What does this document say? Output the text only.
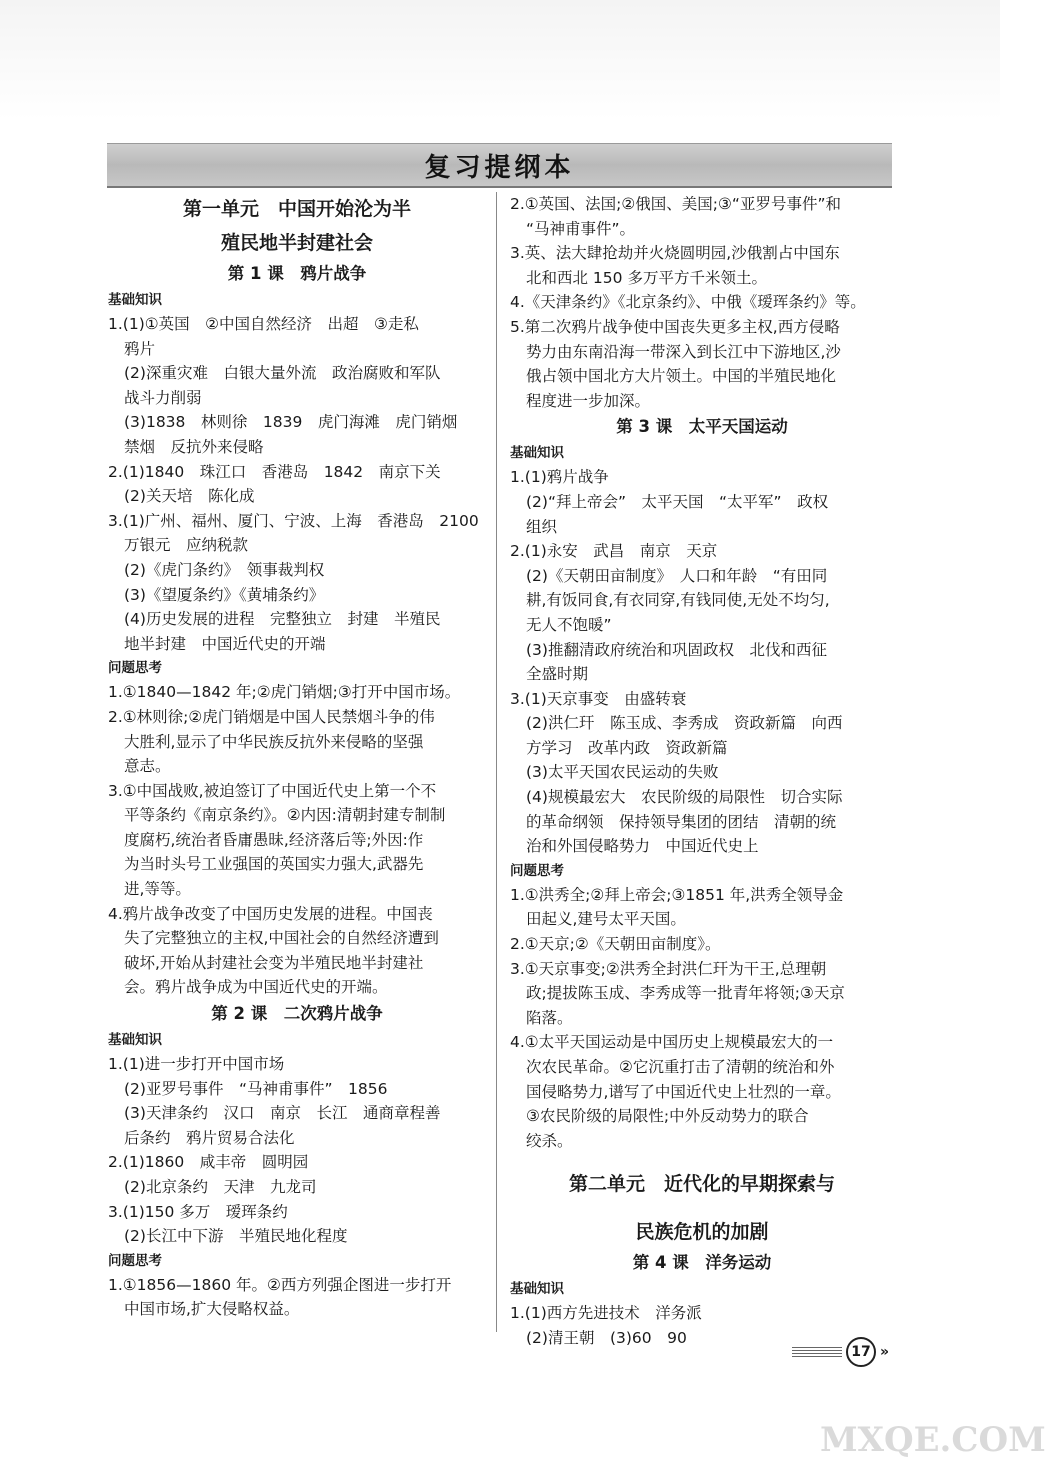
复习提纲本
第一单元　中国开始沦为半
殖民地半封建社会
第 1 课　鸦片战争
基础知识
1.(1)①英国　②中国自然经济　出超　③走私
鸦片
(2)深重灾难　白银大量外流　政治腐败和军队
战斗力削弱
(3)1838　林则徐　1839　虎门海滩　虎门销烟
禁烟　反抗外来侵略
2.(1)1840　珠江口　香港岛　1842　南京下关
(2)关天培　陈化成
3.(1)广州、福州、厦门、宁波、上海　香港岛　2100
万银元　应纳税款
(2)《虎门条约》　领事裁判权
(3)《望厦条约》《黄埔条约》
(4)历史发展的进程　完整独立　封建　半殖民
地半封建　中国近代史的开端
问题思考
1.①1840—1842 年;②虎门销烟;③打开中国市场。
2.①林则徐;②虎门销烟是中国人民禁烟斗争的伟
大胜利,显示了中华民族反抗外来侵略的坚强
意志。
3.①中国战败,被迫签订了中国近代史上第一个不
平等条约《南京条约》。②内因:清朝封建专制制
度腐朽,统治者昏庸愚昧,经济落后等;外因:作
为当时头号工业强国的英国实力强大,武器先
进,等等。
4.鸦片战争改变了中国历史发展的进程。中国丧
失了完整独立的主权,中国社会的自然经济遭到
破坏,开始从封建社会变为半殖民地半封建社
会。鸦片战争成为中国近代史的开端。
第 2 课　二次鸦片战争
基础知识
1.(1)进一步打开中国市场
(2)亚罗号事件　“马神甫事件”　1856
(3)天津条约　汉口　南京　长江　通商章程善
后条约　鸦片贸易合法化
2.(1)1860　咸丰帝　圆明园
(2)北京条约　天津　九龙司
3.(1)150 多万　瑷珲条约
(2)长江中下游　半殖民地化程度
问题思考
1.①1856—1860 年。②西方列强企图进一步打开
中国市场,扩大侵略权益。
2.①英国、法国;②俄国、美国;③“亚罗号事件”和
“马神甫事件”。
3.英、法大肆抢劫并火烧圆明园,沙俄割占中国东
北和西北 150 多万平方千米领土。
4.《天津条约》《北京条约》、中俄《瑷珲条约》等。
5.第二次鸦片战争使中国丧失更多主权,西方侵略
势力由东南沿海一带深入到长江中下游地区,沙
俄占领中国北方大片领土。中国的半殖民地化
程度进一步加深。
第 3 课　太平天国运动
基础知识
1.(1)鸦片战争
(2)“拜上帝会”　太平天国　“太平军”　政权
组织
2.(1)永安　武昌　南京　天京
(2)《天朝田亩制度》　人口和年龄　“有田同
耕,有饭同食,有衣同穿,有钱同使,无处不均匀,
无人不饱暖”
(3)推翻清政府统治和巩固政权　北伐和西征
全盛时期
3.(1)天京事变　由盛转衰
(2)洪仁玕　陈玉成、李秀成　资政新篇　向西
方学习　改革内政　资政新篇
(3)太平天国农民运动的失败
(4)规模最宏大　农民阶级的局限性　切合实际
的革命纲领　保持领导集团的团结　清朝的统
治和外国侵略势力　中国近代史上
问题思考
1.①洪秀全;②拜上帝会;③1851 年,洪秀全领导金
田起义,建号太平天国。
2.①天京;②《天朝田亩制度》。
3.①天京事变;②洪秀全封洪仁玕为干王,总理朝
政;提拔陈玉成、李秀成等一批青年将领;③天京
陷落。
4.①太平天国运动是中国历史上规模最宏大的一
次农民革命。②它沉重打击了清朝的统治和外
国侵略势力,谱写了中国近代史上壮烈的一章。
③农民阶级的局限性;中外反动势力的联合
绞杀。
第二单元　近代化的早期探索与
民族危机的加剧
第 4 课　洋务运动
基础知识
1.(1)西方先进技术　洋务派
(2)清王朝　(3)60　90
17 »
MXQE.COM
